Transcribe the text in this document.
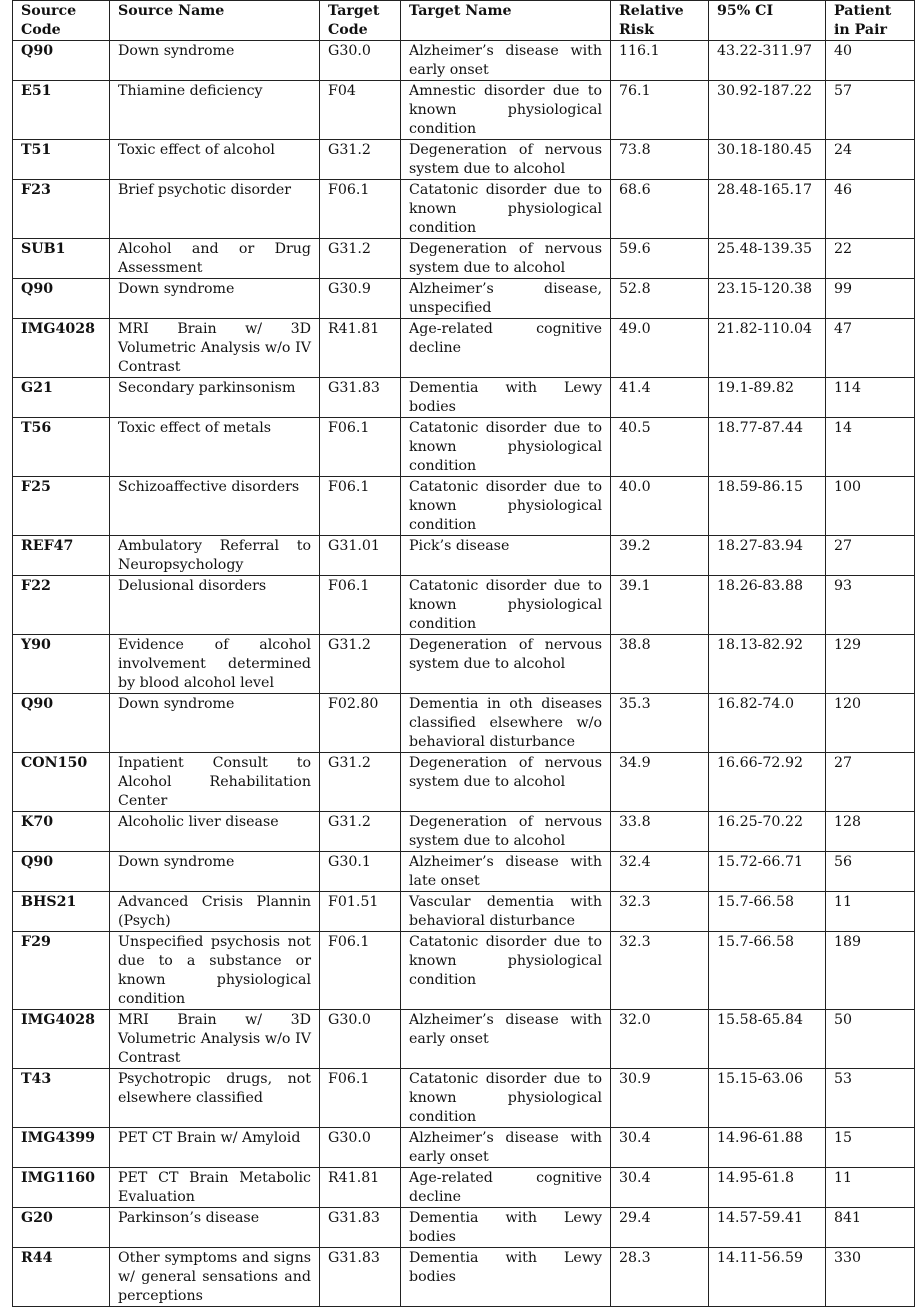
Source Code	Source Name	Target Code	Target Name	Relative Risk	95% CI	Patient in Pair
Q90	Down syndrome	G30.0	Alzheimer’s disease with early onset	116.1	43.22-311.97	40
E51	Thiamine deficiency	F04	Amnestic disorder due to known physiological condition	76.1	30.92-187.22	57
T51	Toxic effect of alcohol	G31.2	Degeneration of nervous system due to alcohol	73.8	30.18-180.45	24
F23	Brief psychotic disorder	F06.1	Catatonic disorder due to known physiological condition	68.6	28.48-165.17	46
SUB1	Alcohol and or Drug Assessment	G31.2	Degeneration of nervous system due to alcohol	59.6	25.48-139.35	22
Q90	Down syndrome	G30.9	Alzheimer’s disease, unspecified	52.8	23.15-120.38	99
IMG4028	MRI Brain w/ 3D Volumetric Analysis w/o IV Contrast	R41.81	Age-related cognitive decline	49.0	21.82-110.04	47
G21	Secondary parkinsonism	G31.83	Dementia with Lewy bodies	41.4	19.1-89.82	114
T56	Toxic effect of metals	F06.1	Catatonic disorder due to known physiological condition	40.5	18.77-87.44	14
F25	Schizoaffective disorders	F06.1	Catatonic disorder due to known physiological condition	40.0	18.59-86.15	100
REF47	Ambulatory Referral to Neuropsychology	G31.01	Pick’s disease	39.2	18.27-83.94	27
F22	Delusional disorders	F06.1	Catatonic disorder due to known physiological condition	39.1	18.26-83.88	93
Y90	Evidence of alcohol involvement determined by blood alcohol level	G31.2	Degeneration of nervous system due to alcohol	38.8	18.13-82.92	129
Q90	Down syndrome	F02.80	Dementia in oth diseases classified elsewhere w/o behavioral disturbance	35.3	16.82-74.0	120
CON150	Inpatient Consult to Alcohol Rehabilitation Center	G31.2	Degeneration of nervous system due to alcohol	34.9	16.66-72.92	27
K70	Alcoholic liver disease	G31.2	Degeneration of nervous system due to alcohol	33.8	16.25-70.22	128
Q90	Down syndrome	G30.1	Alzheimer’s disease with late onset	32.4	15.72-66.71	56
BHS21	Advanced Crisis Plannin (Psych)	F01.51	Vascular dementia with behavioral disturbance	32.3	15.7-66.58	11
F29	Unspecified psychosis not due to a substance or known physiological condition	F06.1	Catatonic disorder due to known physiological condition	32.3	15.7-66.58	189
IMG4028	MRI Brain w/ 3D Volumetric Analysis w/o IV Contrast	G30.0	Alzheimer’s disease with early onset	32.0	15.58-65.84	50
T43	Psychotropic drugs, not elsewhere classified	F06.1	Catatonic disorder due to known physiological condition	30.9	15.15-63.06	53
IMG4399	PET CT Brain w/ Amyloid	G30.0	Alzheimer’s disease with early onset	30.4	14.96-61.88	15
IMG1160	PET CT Brain Metabolic Evaluation	R41.81	Age-related cognitive decline	30.4	14.95-61.8	11
G20	Parkinson’s disease	G31.83	Dementia with Lewy bodies	29.4	14.57-59.41	841
R44	Other symptoms and signs w/ general sensations and perceptions	G31.83	Dementia with Lewy bodies	28.3	14.11-56.59	330
